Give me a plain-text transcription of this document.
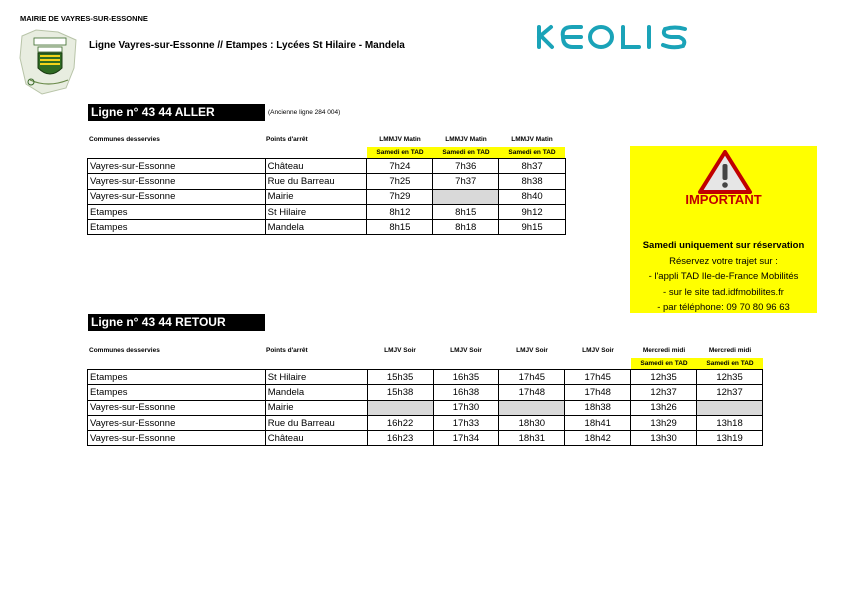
MAIRIE DE VAYRES-SUR-ESSONNE
Ligne Vayres-sur-Essonne // Etampes : Lycées St Hilaire - Mandela
Ligne n° 43 44 ALLER	(Ancienne ligne 284 004)
Communes desservies	Points d'arrêt	LMMJV Matin	LMMJV Matin	LMMJV Matin
Samedi en TAD	Samedi en TAD	Samedi en TAD
Vayres-sur-Essonne	Château	7h24	7h36	8h37
Vayres-sur-Essonne	Rue du Barreau	7h25	7h37	8h38
Vayres-sur-Essonne	Mairie	7h29		8h40
Etampes	St Hilaire	8h12	8h15	9h12
Etampes	Mandela	8h15	8h18	9h15
IMPORTANT
Samedi uniquement sur réservation
Réservez votre trajet sur :
- l'appli TAD Ile-de-France Mobilités
- sur le site tad.idfmobilites.fr
- par téléphone: 09 70 80 96 63
Ligne n° 43 44 RETOUR
Communes desservies	Points d'arrêt	LMJV Soir	LMJV Soir	LMJV Soir	LMJV Soir	Mercredi midi	Mercredi midi
Samedi en TAD	Samedi en TAD
Etampes	St Hilaire	15h35	16h35	17h45	17h45	12h35	12h35
Etampes	Mandela	15h38	16h38	17h48	17h48	12h37	12h37
Vayres-sur-Essonne	Mairie		17h30		18h38	13h26	
Vayres-sur-Essonne	Rue du Barreau	16h22	17h33	18h30	18h41	13h29	13h18
Vayres-sur-Essonne	Château	16h23	17h34	18h31	18h42	13h30	13h19
